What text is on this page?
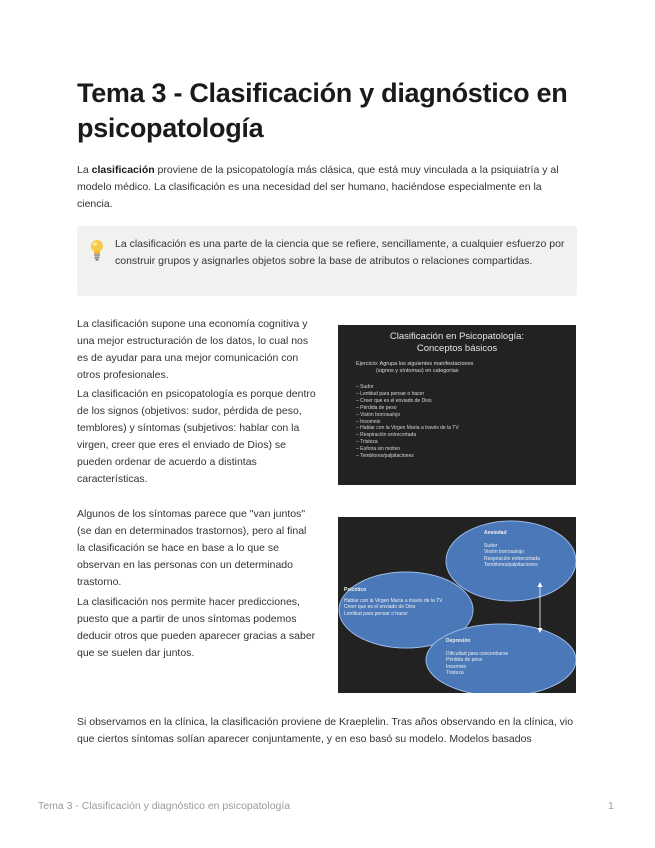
Tema 3 - Clasificación y diagnóstico en psicopatología

La clasificación proviene de la psicopatología más clásica, que está muy vinculada a la psiquiatría y al modelo médico. La clasificación es una necesidad del ser humano, haciéndose especialmente en la ciencia.

La clasificación es una parte de la ciencia que se refiere, sencillamente, a cualquier esfuerzo por construir grupos y asignarles objetos sobre la base de atributos o relaciones compartidas.

La clasificación supone una economía cognitiva y una mejor estructuración de los datos, lo cual nos es de ayudar para una mejor comunicación con otros profesionales.

La clasificación en psicopatología es porque dentro de los signos (objetivos: sudor, pérdida de peso, temblores) y síntomas (subjetivos: hablar con la virgen, creer que eres el enviado de Dios) se pueden ordenar de acuerdo a distintas características.

Clasificación en Psicopatología:
Conceptos básicos
Ejercicio: Agrupa los siguientes manifestaciones
(signos y síntomas) en categorías
– Sudor
– Lentitud para pensar o hacer
– Creer que es el enviado de Dios
– Pérdida de peso
– Visión borrosa/ojo
– Insomnio
– Hablar con la Virgen María a través de la TV
– Respiración entrecortada
– Tristeza
– Euforia sin motivo
– Temblores/palpitaciones

Algunos de los síntomas parece que "van juntos" (se dan en determinados trastornos), pero al final la clasificación se hace en base a lo que se observan en las personas con un determinado trastorno.

La clasificación nos permite hacer predicciones, puesto que a partir de unos síntomas podemos deducir otros que pueden aparecer gracias a saber que se suelen dar juntos.

Ansiedad
Sudor
Visión borrosa/ojo
Respiración entrecortada
Temblores/palpitaciones
Psicótico
Hablar con la Virgen María a través de la TV
Creer que es el enviado de Dios
Lentitud para pensar o hacer
Depresión
Dificultad para concentrarse
Pérdida de peso
Insomnio
Tristeza

Si observamos en la clínica, la clasificación proviene de Kraeplelin. Tras años observando en la clínica, vio que ciertos síntomas solían aparecer conjuntamente, y en eso basó su modelo. Modelos basados

Tema 3 - Clasificación y diagnóstico en psicopatología	1
